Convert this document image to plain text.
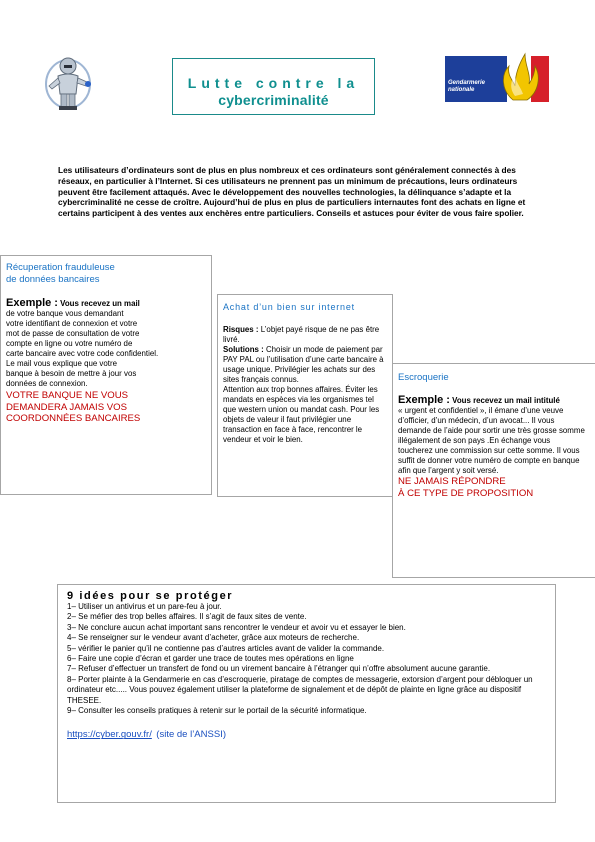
Lutte contre la
cybercriminalité
Gendarmerie nationale
Les utilisateurs d’ordinateurs sont de plus en plus nombreux et ces ordinateurs sont généralement connectés à des réseaux, en particulier à l’Internet. Si ces utilisateurs ne prennent pas un minimum de précautions, leurs ordinateurs peuvent être facilement attaqués. Avec le développement des nouvelles technologies, la délinquance s’adapte et la cybercriminalité ne cesse de croître. Aujourd’hui de plus en plus de particuliers internautes font des achats en ligne et certains participent à des ventes aux enchères entre particuliers. Conseils et astuces pour éviter de vous faire spolier.
Récuperation frauduleuse
de données bancaires
Exemple : Vous recevez un mail
de votre banque vous demandant
votre identifiant de connexion et votre
mot de passe de consultation de votre
compte en ligne ou votre numéro de
carte bancaire avec votre code confidentiel.
Le mail vous explique que votre
banque à besoin de mettre à jour vos
données de connexion.
VOTRE BANQUE NE VOUS
DEMANDERA JAMAIS VOS
COORDONNÉES BANCAIRES
Achat d’un bien sur internet
Risques : L’objet payé risque de ne pas être livré.
Solutions : Choisir un mode de paiement par PAY PAL ou l’utilisation d’une carte bancaire à usage unique. Privilégier les achats sur des sites français connus.
Attention aux trop bonnes affaires. Éviter les mandats en espèces via les organismes tel que western union ou mandat cash. Pour les objets de valeur il faut privilégier une transaction en face à face, rencontrer le vendeur et voir le bien.
Escroquerie
Exemple : Vous recevez un mail intitulé
« urgent et confidentiel », il émane d’une veuve d’officier, d’un médecin, d’un avocat... Il vous demande de l’aide pour sortir une très grosse somme illégalement de son pays .En échange vous toucherez une commission sur cette somme. Il vous suffit de donner votre numéro de compte en banque afin que l’argent y soit versé.
NE JAMAIS RÉPONDRE
À CE TYPE DE PROPOSITION
9 idées pour se protéger
1– Utiliser un antivirus et un pare-feu à jour.
2– Se méfier des trop belles affaires. Il s’agit de faux sites de vente.
3– Ne conclure aucun achat important sans rencontrer le vendeur et avoir vu et essayer le bien.
4– Se renseigner sur le vendeur avant d’acheter, grâce aux moteurs de recherche.
5– vérifier le panier qu’il ne contienne pas d’autres articles avant de valider la commande.
6– Faire une copie d’écran et garder une trace de toutes mes opérations en ligne
7– Refuser d’effectuer un transfert de fond ou un virement bancaire à l’étranger qui n’offre absolument aucune garantie.
8– Porter plainte à la Gendarmerie en cas d’escroquerie, piratage de comptes de messagerie, extorsion d’argent pour débloquer un ordinateur etc..... Vous pouvez également utiliser la plateforme de signalement et de dépôt de plainte en ligne grâce au dispositif THESEE.
9– Consulter les conseils pratiques à retenir sur le portail de la sécurité informatique.
https://cyber.gouv.fr/ (site de l’ANSSI)
